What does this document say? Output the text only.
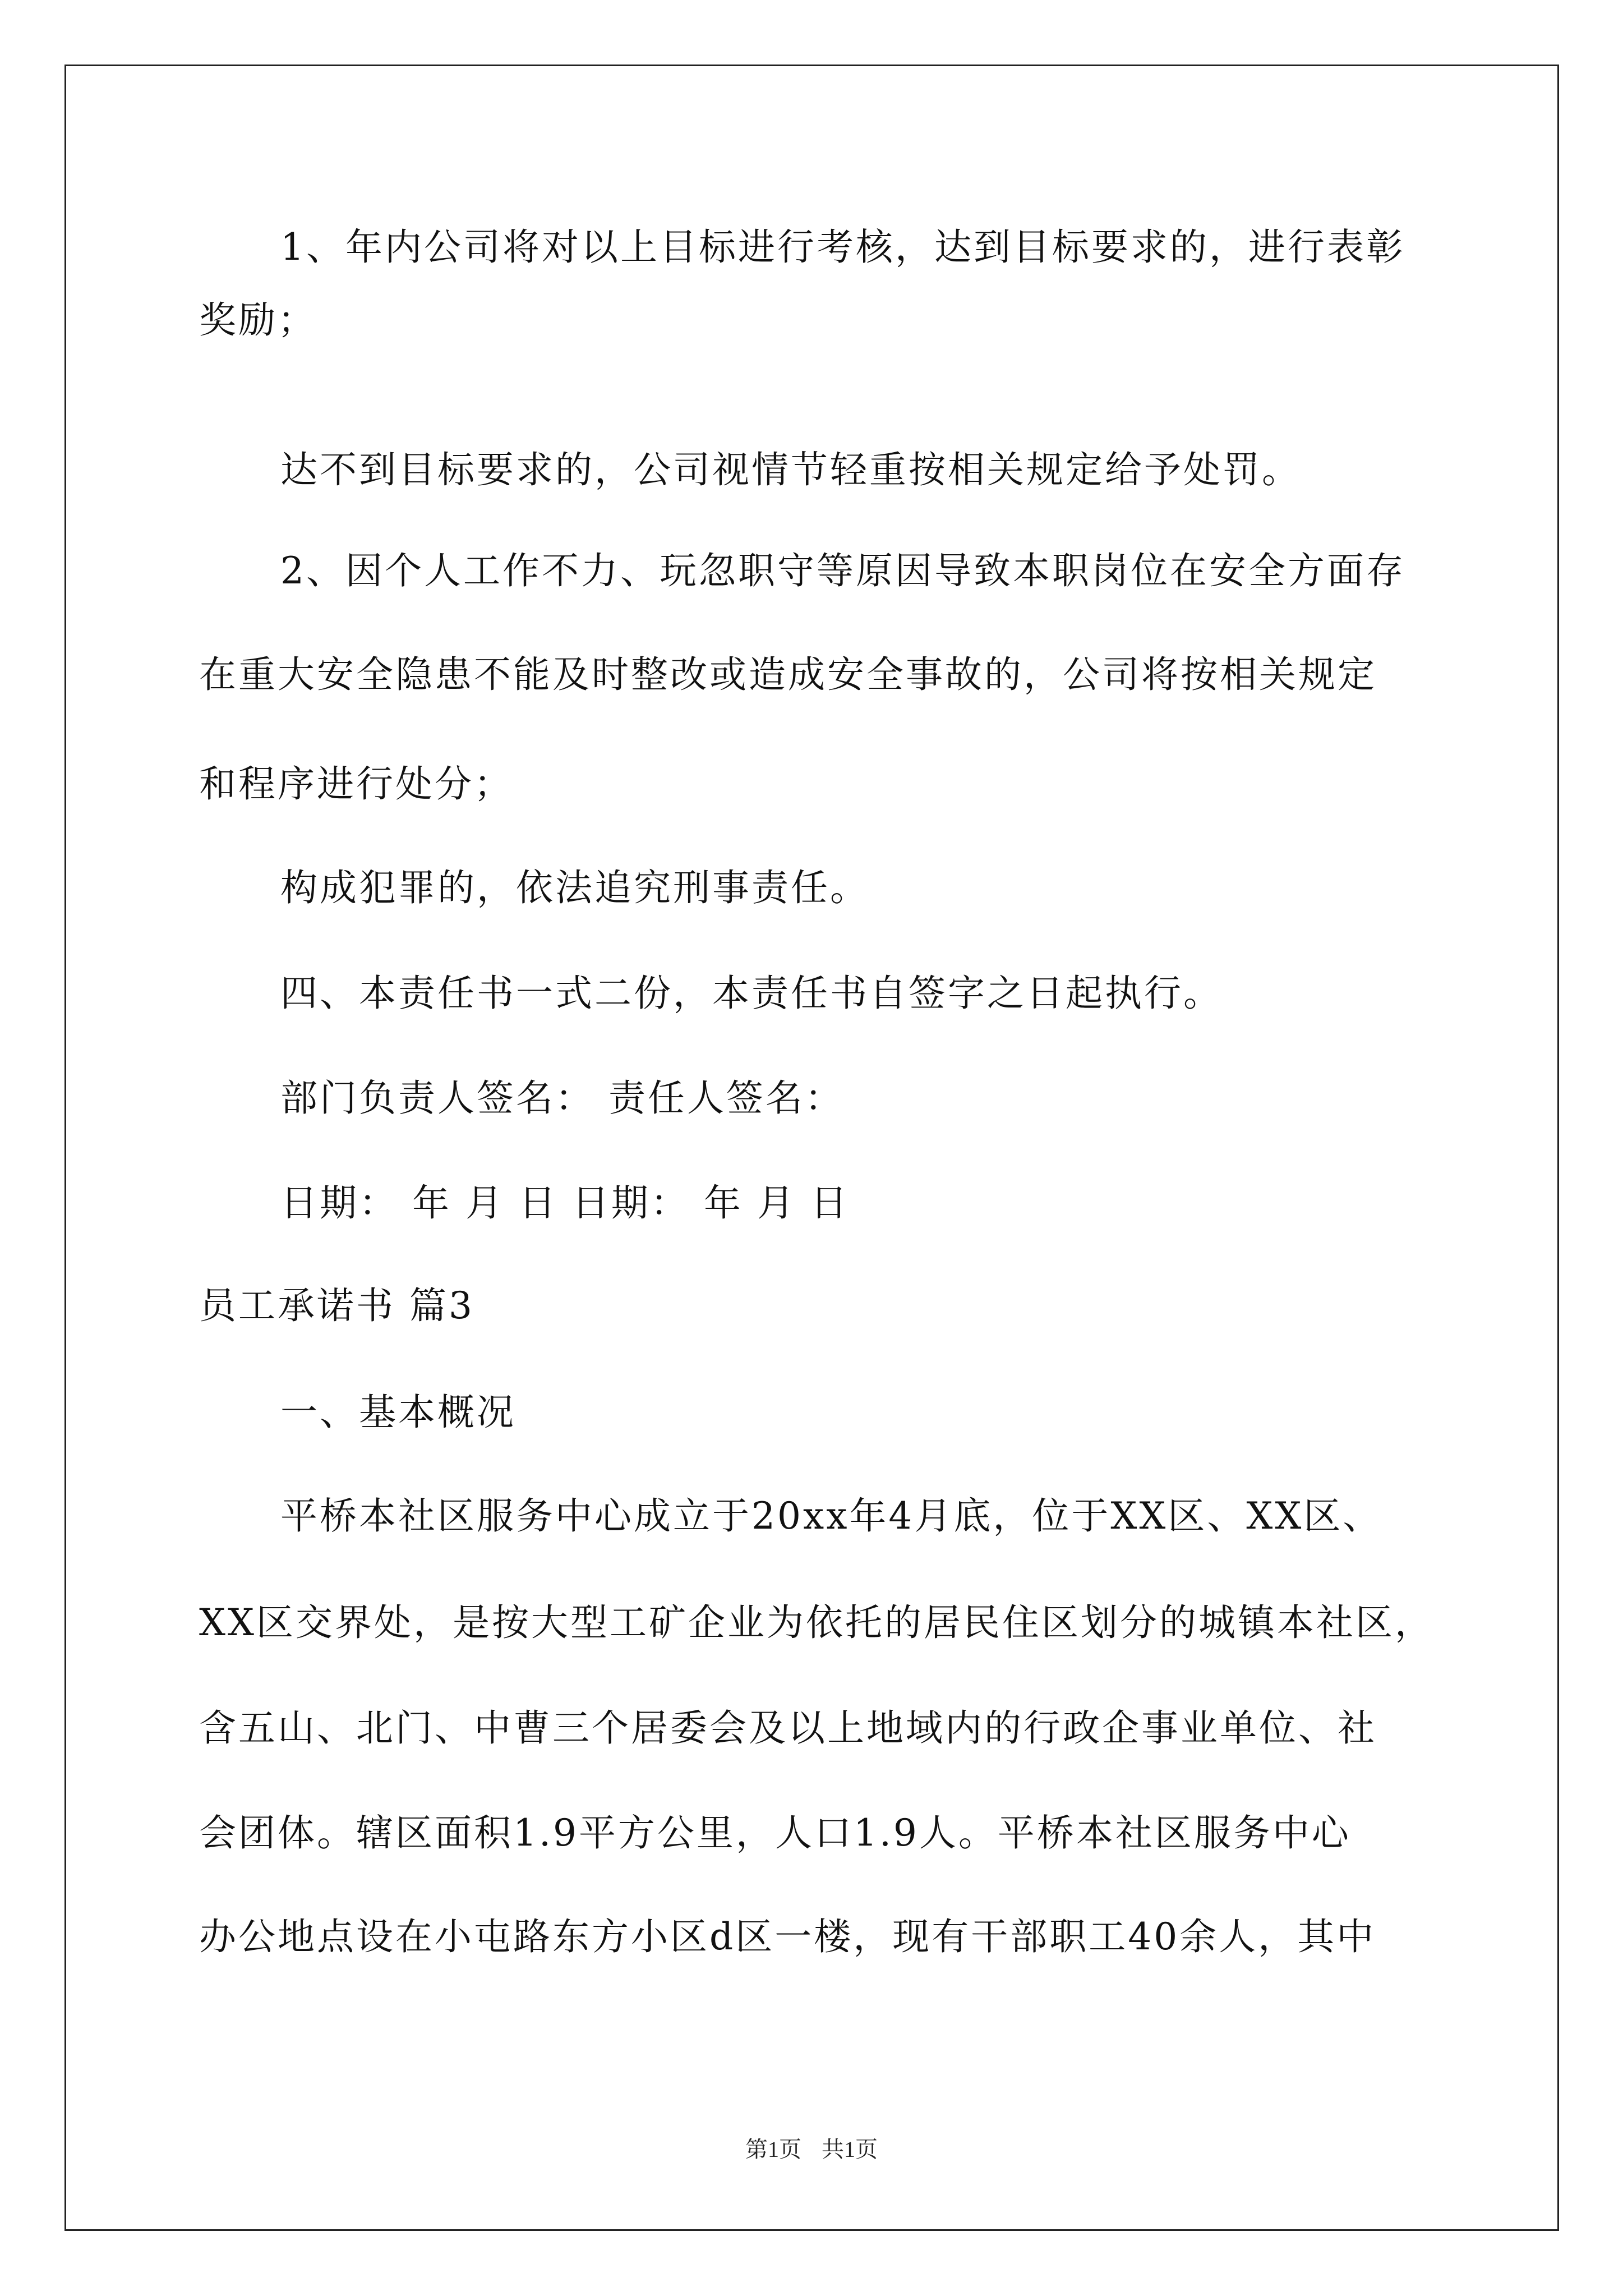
1、年内公司将对以上目标进行考核，达到目标要求的，进行表彰
奖励；
达不到目标要求的，公司视情节轻重按相关规定给予处罚。
2、因个人工作不力、玩忽职守等原因导致本职岗位在安全方面存
在重大安全隐患不能及时整改或造成安全事故的，公司将按相关规定
和程序进行处分；
构成犯罪的，依法追究刑事责任。
四、本责任书一式二份，本责任书自签字之日起执行。
部门负责人签名： 责任人签名：
日期： 年 月 日 日期： 年 月 日
员工承诺书 篇3
一、基本概况
平桥本社区服务中心成立于20xx年4月底，位于XX区、XX区、
XX区交界处，是按大型工矿企业为依托的居民住区划分的城镇本社区，
含五山、北门、中曹三个居委会及以上地域内的行政企事业单位、社
会团体。辖区面积1.9平方公里，人口1.9人。平桥本社区服务中心
办公地点设在小屯路东方小区d区一楼，现有干部职工40余人，其中
第1页 共1页
